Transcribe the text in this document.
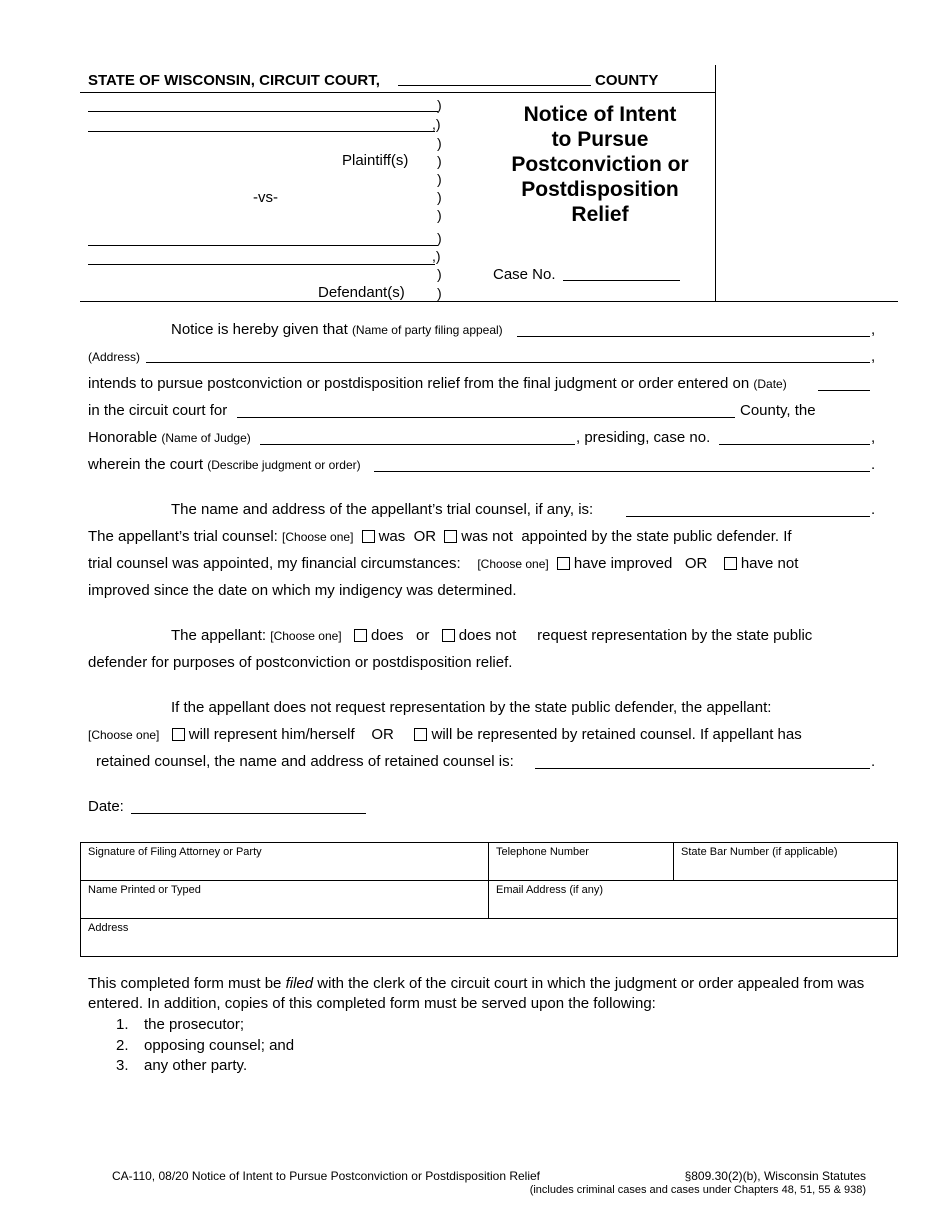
STATE OF WISCONSIN, CIRCUIT COURT,	COUNTY
)
,)
)
)
)
)
)
)
,)
)
)
Plaintiff(s)
-vs-
Defendant(s)
Notice of Intent
to Pursue
Postconviction or
Postdisposition
Relief
Case No.
Notice is hereby given that (Name of party filing appeal)	,
(Address)	,
intends to pursue postconviction or postdisposition relief from the final judgment or order entered on (Date)
in the circuit court for	County, the
Honorable (Name of Judge)	, presiding, case no.	,
wherein the court (Describe judgment or order)	.
The name and address of the appellant’s trial counsel, if any, is:	.
The appellant’s trial counsel: [Choose one] was OR was not appointed by the state public defender. If
trial counsel was appointed, my financial circumstances: [Choose one] have improved OR have not
improved since the date on which my indigency was determined.
The appellant: [Choose one] does or does not request representation by the state public
defender for purposes of postconviction or postdisposition relief.
If the appellant does not request representation by the state public defender, the appellant:
[Choose one] will represent him/herself OR	will be represented by retained counsel. If appellant has
retained counsel, the name and address of retained counsel is:	.
Date:
Signature of Filing Attorney or Party	Telephone Number	State Bar Number (if applicable)
Name Printed or Typed	Email Address (if any)	
Address		
This completed form must be filed with the clerk of the circuit court in which the judgment or order appealed from was entered. In addition, copies of this completed form must be served upon the following:
1. the prosecutor;
2. opposing counsel; and
3. any other party.
CA-110, 08/20 Notice of Intent to Pursue Postconviction or Postdisposition Relief	§809.30(2)(b), Wisconsin Statutes
(includes criminal cases and cases under Chapters 48, 51, 55 & 938)
